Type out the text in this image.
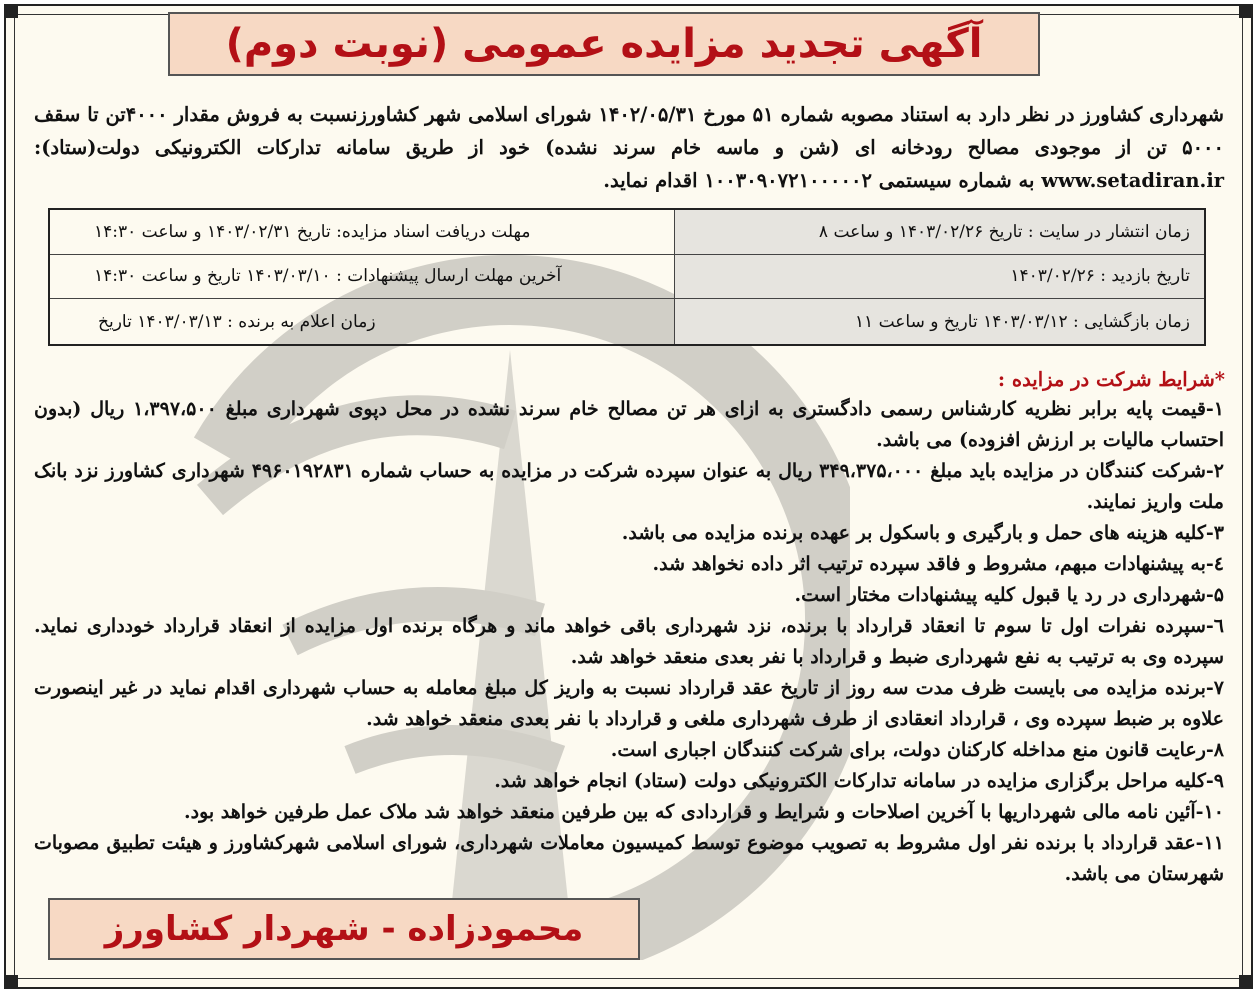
آگهی تجدید مزایده عمومی (نوبت دوم)
شهرداری کشاورز در نظر دارد به استناد مصوبه شماره ۵۱ مورخ ۱۴۰۲/۰۵/۳۱ شورای اسلامی شهر کشاورزنسبت به فروش مقدار ۴۰۰۰تن تا سقف ۵۰۰۰ تن از موجودی مصالح رودخانه ای (شن و ماسه خام سرند نشده) خود از طریق سامانه تدارکات الکترونیکی دولت(ستاد): www.setadiran.ir به شماره سیستمی ۱۰۰۳۰۹۰۷۲۱۰۰۰۰۰۲ اقدام نماید.
زمان انتشار در سایت : تاریخ ۱۴۰۳/۰۲/۲۶ و ساعت ۸
مهلت دریافت اسناد مزایده: تاریخ ۱۴۰۳/۰۲/۳۱ و ساعت ۱۴:۳۰
تاریخ بازدید : ۱۴۰۳/۰۲/۲۶
آخرین مهلت ارسال پیشنهادات : ۱۴۰۳/۰۳/۱۰ تاریخ و ساعت ۱۴:۳۰
زمان بازگشایی : ۱۴۰۳/۰۳/۱۲ تاریخ و ساعت ۱۱
زمان اعلام به برنده : ۱۴۰۳/۰۳/۱۳ تاریخ
*شرایط شرکت در مزایده :

۱-قیمت پایه برابر نظریه کارشناس رسمی دادگستری به ازای هر تن مصالح خام سرند نشده در محل دپوی شهرداری مبلغ ۱،۳۹۷،۵۰۰ ریال (بدون احتساب مالیات بر ارزش افزوده) می باشد.

۲-شرکت کنندگان در مزایده باید مبلغ ۳۴۹،۳۷۵،۰۰۰ ریال به عنوان سپرده شرکت در مزایده به حساب شماره ۴۹۶۰۱۹۲۸۳۱ شهرداری کشاورز نزد بانک ملت واریز نمایند.

۳-کلیه هزینه های حمل و بارگیری و باسکول بر عهده برنده مزایده می باشد.

٤-به پیشنهادات مبهم، مشروط و فاقد سپرده ترتیب اثر داده نخواهد شد.

۵-شهرداری در رد یا قبول کلیه پیشنهادات مختار است.

٦-سپرده نفرات اول تا سوم تا انعقاد قرارداد با برنده، نزد شهرداری باقی خواهد ماند و هرگاه برنده اول مزایده از انعقاد قرارداد خودداری نماید. سپرده وی به ترتیب به نفع شهرداری ضبط و قرارداد با نفر بعدی منعقد خواهد شد.

۷-برنده مزایده می بایست ظرف مدت سه روز از تاریخ عقد قرارداد نسبت به واریز کل مبلغ معامله به حساب شهرداری اقدام نماید در غیر اینصورت علاوه بر ضبط سپرده وی ، قرارداد انعقادی از طرف شهرداری ملغی و قرارداد با نفر بعدی منعقد خواهد شد.

۸-رعایت قانون منع مداخله کارکنان دولت، برای شرکت کنندگان اجباری است.

۹-کلیه مراحل برگزاری مزایده در سامانه تدارکات الکترونیکی دولت (ستاد) انجام خواهد شد.

۱۰-آئین نامه مالی شهرداریها با آخرین اصلاحات و شرایط و قراردادی که بین طرفین منعقد خواهد شد ملاک عمل طرفین خواهد بود.

۱۱-عقد قرارداد با برنده نفر اول مشروط به تصویب موضوع توسط کمیسیون معاملات شهرداری، شورای اسلامی شهرکشاورز و هیئت تطبیق مصوبات شهرستان می باشد.

محمودزاده - شهردار کشاورز
